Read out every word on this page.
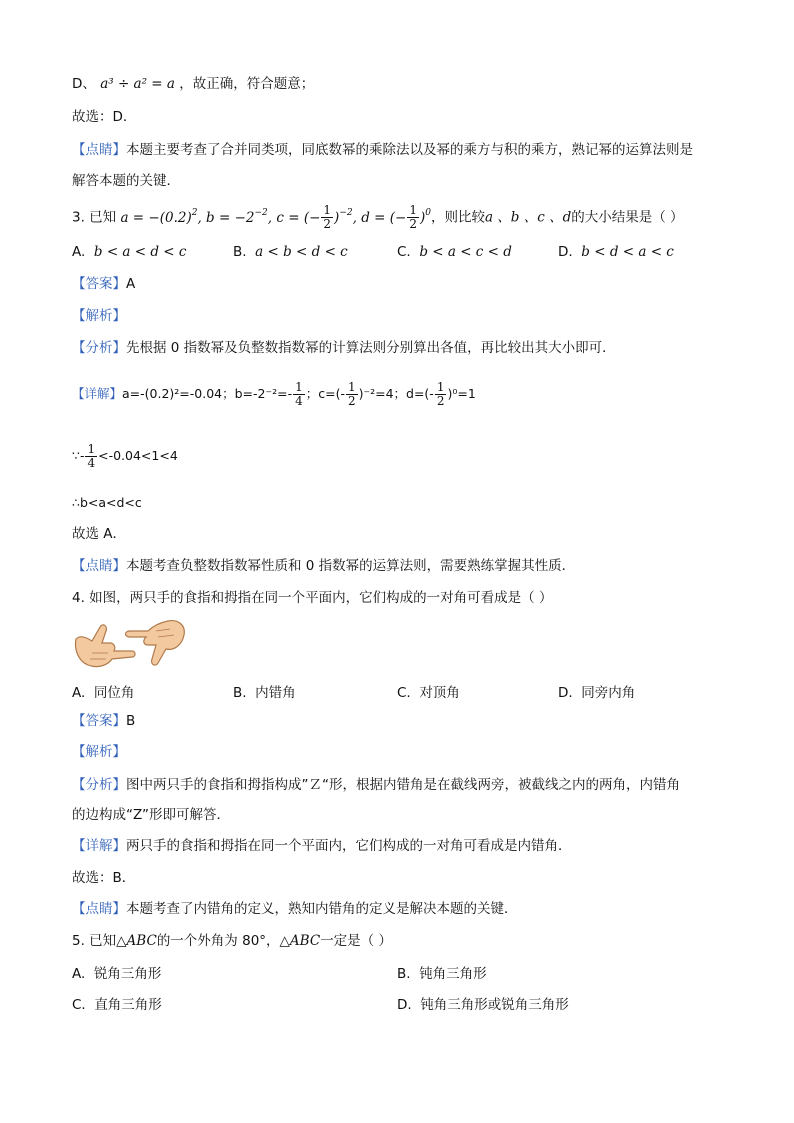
D、 a³ ÷ a² = a ，故正确，符合题意；
故选：D．
【点睛】本题主要考查了合并同类项，同底数幂的乘除法以及幂的乘方与积的乘方，熟记幂的运算法则是
解答本题的关键．
3. 已知 $a = -(0.2)^2$, $b = -2^{-2}$, c = (− $\frac{1}{2} )^{-2}$, d = (− $\frac{1}{2} )^0$，则比较a 、b 、c 、d的大小结果是（ ）
A. b < a < d < c	B. a < b < d < c	C. b < a < c < d	D. b < d < a < c
【答案】A
【解析】
【分析】先根据 0 指数幂及负整数指数幂的计算法则分别算出各值，再比较出其大小即可．
【详解】a=-(0.2)²=-0.04；$b=-2^{-2}=- \frac{1}{4}$ ；$c=(- \frac{1}{2} )^{-2}=4$；$d=(- \frac{1}{2} )^0=1$
∵- $\frac{1}{4} <-0.04<1<4$
∴b<a<d<c
故选 A．
【点睛】本题考查负整数指数幂性质和 0 指数幂的运算法则，需要熟练掌握其性质．
4. 如图，两只手的食指和拇指在同一个平面内，它们构成的一对角可看成是（ ）
A. 同位角	B. 内错角	C. 对顶角	D. 同旁内角
【答案】B
【解析】
【分析】图中两只手的食指和拇指构成”Ｚ“形，根据内错角是在截线两旁，被截线之内的两角，内错角
的边构成“Z”形即可解答．
【详解】两只手的食指和拇指在同一个平面内，它们构成的一对角可看成是内错角．
故选：B．
【点睛】本题考查了内错角的定义，熟知内错角的定义是解决本题的关键．
5. 已知△ABC的一个外角为 80°，△ABC一定是（ ）
A. 锐角三角形	B. 钝角三角形
C. 直角三角形	D. 钝角三角形或锐角三角形
